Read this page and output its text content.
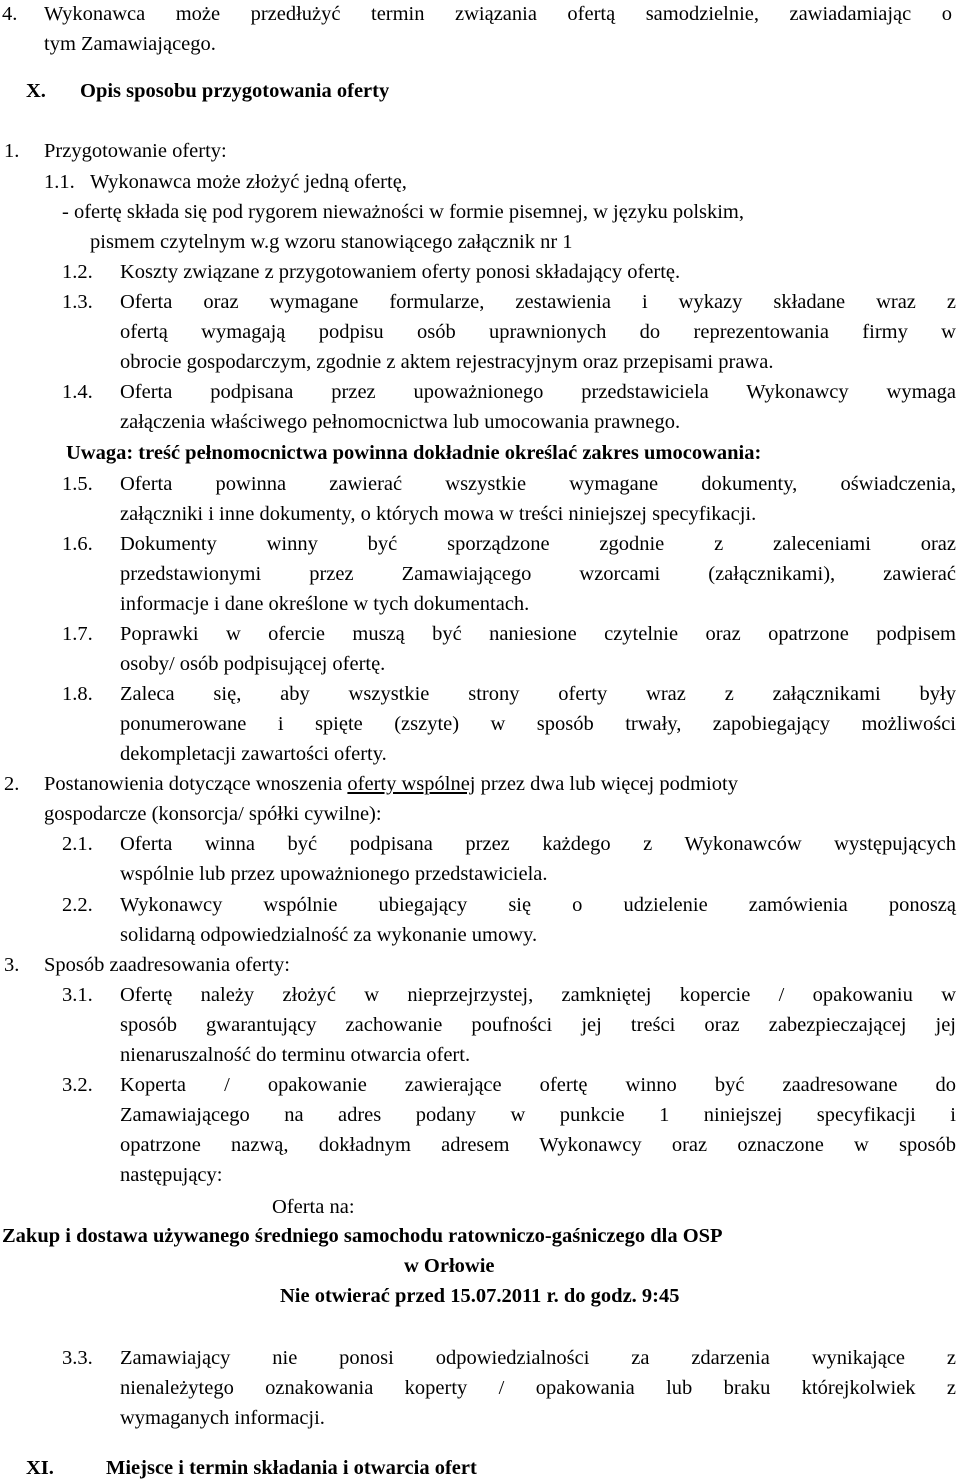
4. Wykonawca może przedłużyć termin związania ofertą samodzielnie, zawiadamiając o
tym Zamawiającego.
X. Opis sposobu przygotowania oferty
1. Przygotowanie oferty:
1.1. Wykonawca może złożyć jedną ofertę,
- ofertę składa się pod rygorem nieważności w formie pisemnej, w języku polskim,
pismem czytelnym w.g wzoru stanowiącego załącznik nr 1
1.2. Koszty związane z przygotowaniem oferty ponosi składający ofertę.
1.3. Oferta oraz wymagane formularze, zestawienia i wykazy składane wraz z
ofertą wymagają podpisu osób uprawnionych do reprezentowania firmy w
obrocie gospodarczym, zgodnie z aktem rejestracyjnym oraz przepisami prawa.
1.4. Oferta podpisana przez upoważnionego przedstawiciela Wykonawcy wymaga
załączenia właściwego pełnomocnictwa lub umocowania prawnego.
Uwaga: treść pełnomocnictwa powinna dokładnie określać zakres umocowania:
1.5. Oferta powinna zawierać wszystkie wymagane dokumenty, oświadczenia,
załączniki i inne dokumenty, o których mowa w treści niniejszej specyfikacji.
1.6. Dokumenty winny być sporządzone zgodnie z zaleceniami oraz
przedstawionymi przez Zamawiającego wzorcami (załącznikami), zawierać
informacje i dane określone w tych dokumentach.
1.7. Poprawki w ofercie muszą być naniesione czytelnie oraz opatrzone podpisem
osoby/ osób podpisującej ofertę.
1.8. Zaleca się, aby wszystkie strony oferty wraz z załącznikami były
ponumerowane i spięte (zszyte) w sposób trwały, zapobiegający możliwości
dekompletacji zawartości oferty.
2. Postanowienia dotyczące wnoszenia oferty wspólnej przez dwa lub więcej podmioty
gospodarcze (konsorcja/ spółki cywilne):
2.1. Oferta winna być podpisana przez każdego z Wykonawców występujących
wspólnie lub przez upoważnionego przedstawiciela.
2.2. Wykonawcy wspólnie ubiegający się o udzielenie zamówienia ponoszą
solidarną odpowiedzialność za wykonanie umowy.
3. Sposób zaadresowania oferty:
3.1. Ofertę należy złożyć w nieprzejrzystej, zamkniętej kopercie / opakowaniu w
sposób gwarantujący zachowanie poufności jej treści oraz zabezpieczającej jej
nienaruszalność do terminu otwarcia ofert.
3.2. Koperta / opakowanie zawierające ofertę winno być zaadresowane do
Zamawiającego na adres podany w punkcie 1 niniejszej specyfikacji i
opatrzone nazwą, dokładnym adresem Wykonawcy oraz oznaczone w sposób
następujący:
Oferta na:
Zakup i dostawa używanego średniego samochodu ratowniczo-gaśniczego dla OSP
w Orłowie
Nie otwierać przed 15.07.2011 r. do godz. 9:45
3.3. Zamawiający nie ponosi odpowiedzialności za zdarzenia wynikające z
nienależytego oznakowania koperty / opakowania lub braku którejkolwiek z
wymaganych informacji.
XI.	Miejsce i termin składania i otwarcia ofert
